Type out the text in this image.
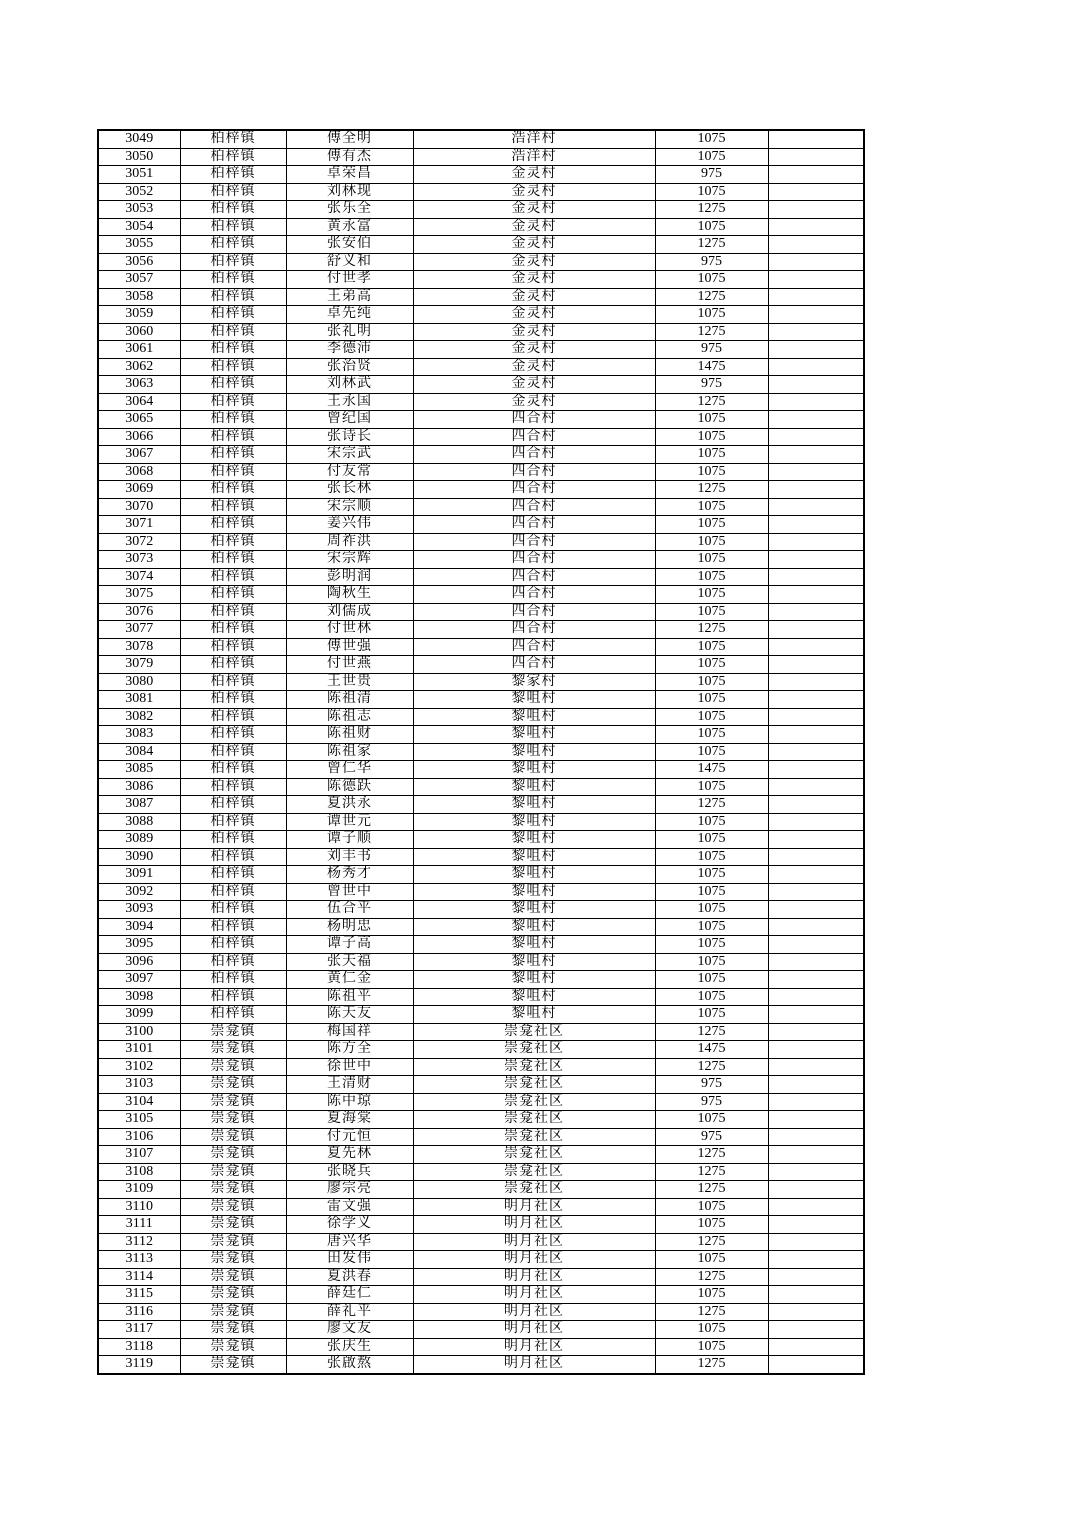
3049	柏梓镇	傅全明	浩洋村	1075	
3050	柏梓镇	傅有杰	浩洋村	1075	
3051	柏梓镇	卓荣昌	金灵村	975	
3052	柏梓镇	刘林现	金灵村	1075	
3053	柏梓镇	张乐全	金灵村	1275	
3054	柏梓镇	黄永富	金灵村	1075	
3055	柏梓镇	张安伯	金灵村	1275	
3056	柏梓镇	舒义和	金灵村	975	
3057	柏梓镇	付世孝	金灵村	1075	
3058	柏梓镇	王弟高	金灵村	1275	
3059	柏梓镇	卓先纯	金灵村	1075	
3060	柏梓镇	张礼明	金灵村	1275	
3061	柏梓镇	李德沛	金灵村	975	
3062	柏梓镇	张治贤	金灵村	1475	
3063	柏梓镇	刘林武	金灵村	975	
3064	柏梓镇	王永国	金灵村	1275	
3065	柏梓镇	曾纪国	四合村	1075	
3066	柏梓镇	张诗长	四合村	1075	
3067	柏梓镇	宋宗武	四合村	1075	
3068	柏梓镇	付友常	四合村	1075	
3069	柏梓镇	张长林	四合村	1275	
3070	柏梓镇	宋宗顺	四合村	1075	
3071	柏梓镇	姜兴伟	四合村	1075	
3072	柏梓镇	周祚洪	四合村	1075	
3073	柏梓镇	宋宗辉	四合村	1075	
3074	柏梓镇	彭明润	四合村	1075	
3075	柏梓镇	陶秋生	四合村	1075	
3076	柏梓镇	刘儒成	四合村	1075	
3077	柏梓镇	付世林	四合村	1275	
3078	柏梓镇	傅世强	四合村	1075	
3079	柏梓镇	付世燕	四合村	1075	
3080	柏梓镇	王世贵	黎家村	1075	
3081	柏梓镇	陈祖清	黎咀村	1075	
3082	柏梓镇	陈祖志	黎咀村	1075	
3083	柏梓镇	陈祖财	黎咀村	1075	
3084	柏梓镇	陈祖家	黎咀村	1075	
3085	柏梓镇	曾仁华	黎咀村	1475	
3086	柏梓镇	陈德跃	黎咀村	1075	
3087	柏梓镇	夏洪永	黎咀村	1275	
3088	柏梓镇	谭世元	黎咀村	1075	
3089	柏梓镇	谭子顺	黎咀村	1075	
3090	柏梓镇	刘丰书	黎咀村	1075	
3091	柏梓镇	杨秀才	黎咀村	1075	
3092	柏梓镇	曾世中	黎咀村	1075	
3093	柏梓镇	伍合平	黎咀村	1075	
3094	柏梓镇	杨明忠	黎咀村	1075	
3095	柏梓镇	谭子高	黎咀村	1075	
3096	柏梓镇	张天福	黎咀村	1075	
3097	柏梓镇	黄仁金	黎咀村	1075	
3098	柏梓镇	陈祖平	黎咀村	1075	
3099	柏梓镇	陈天友	黎咀村	1075	
3100	崇龛镇	梅国祥	崇龛社区	1275	
3101	崇龛镇	陈方全	崇龛社区	1475	
3102	崇龛镇	徐世中	崇龛社区	1275	
3103	崇龛镇	王清财	崇龛社区	975	
3104	崇龛镇	陈中琼	崇龛社区	975	
3105	崇龛镇	夏海棠	崇龛社区	1075	
3106	崇龛镇	付元恒	崇龛社区	975	
3107	崇龛镇	夏先林	崇龛社区	1275	
3108	崇龛镇	张晓兵	崇龛社区	1275	
3109	崇龛镇	廖宗亮	崇龛社区	1275	
3110	崇龛镇	雷文强	明月社区	1075	
3111	崇龛镇	徐学义	明月社区	1075	
3112	崇龛镇	唐兴华	明月社区	1275	
3113	崇龛镇	田发伟	明月社区	1075	
3114	崇龛镇	夏洪春	明月社区	1275	
3115	崇龛镇	薛廷仁	明月社区	1075	
3116	崇龛镇	薛礼平	明月社区	1275	
3117	崇龛镇	廖文友	明月社区	1075	
3118	崇龛镇	张庆生	明月社区	1075	
3119	崇龛镇	张啟熬	明月社区	1275	
